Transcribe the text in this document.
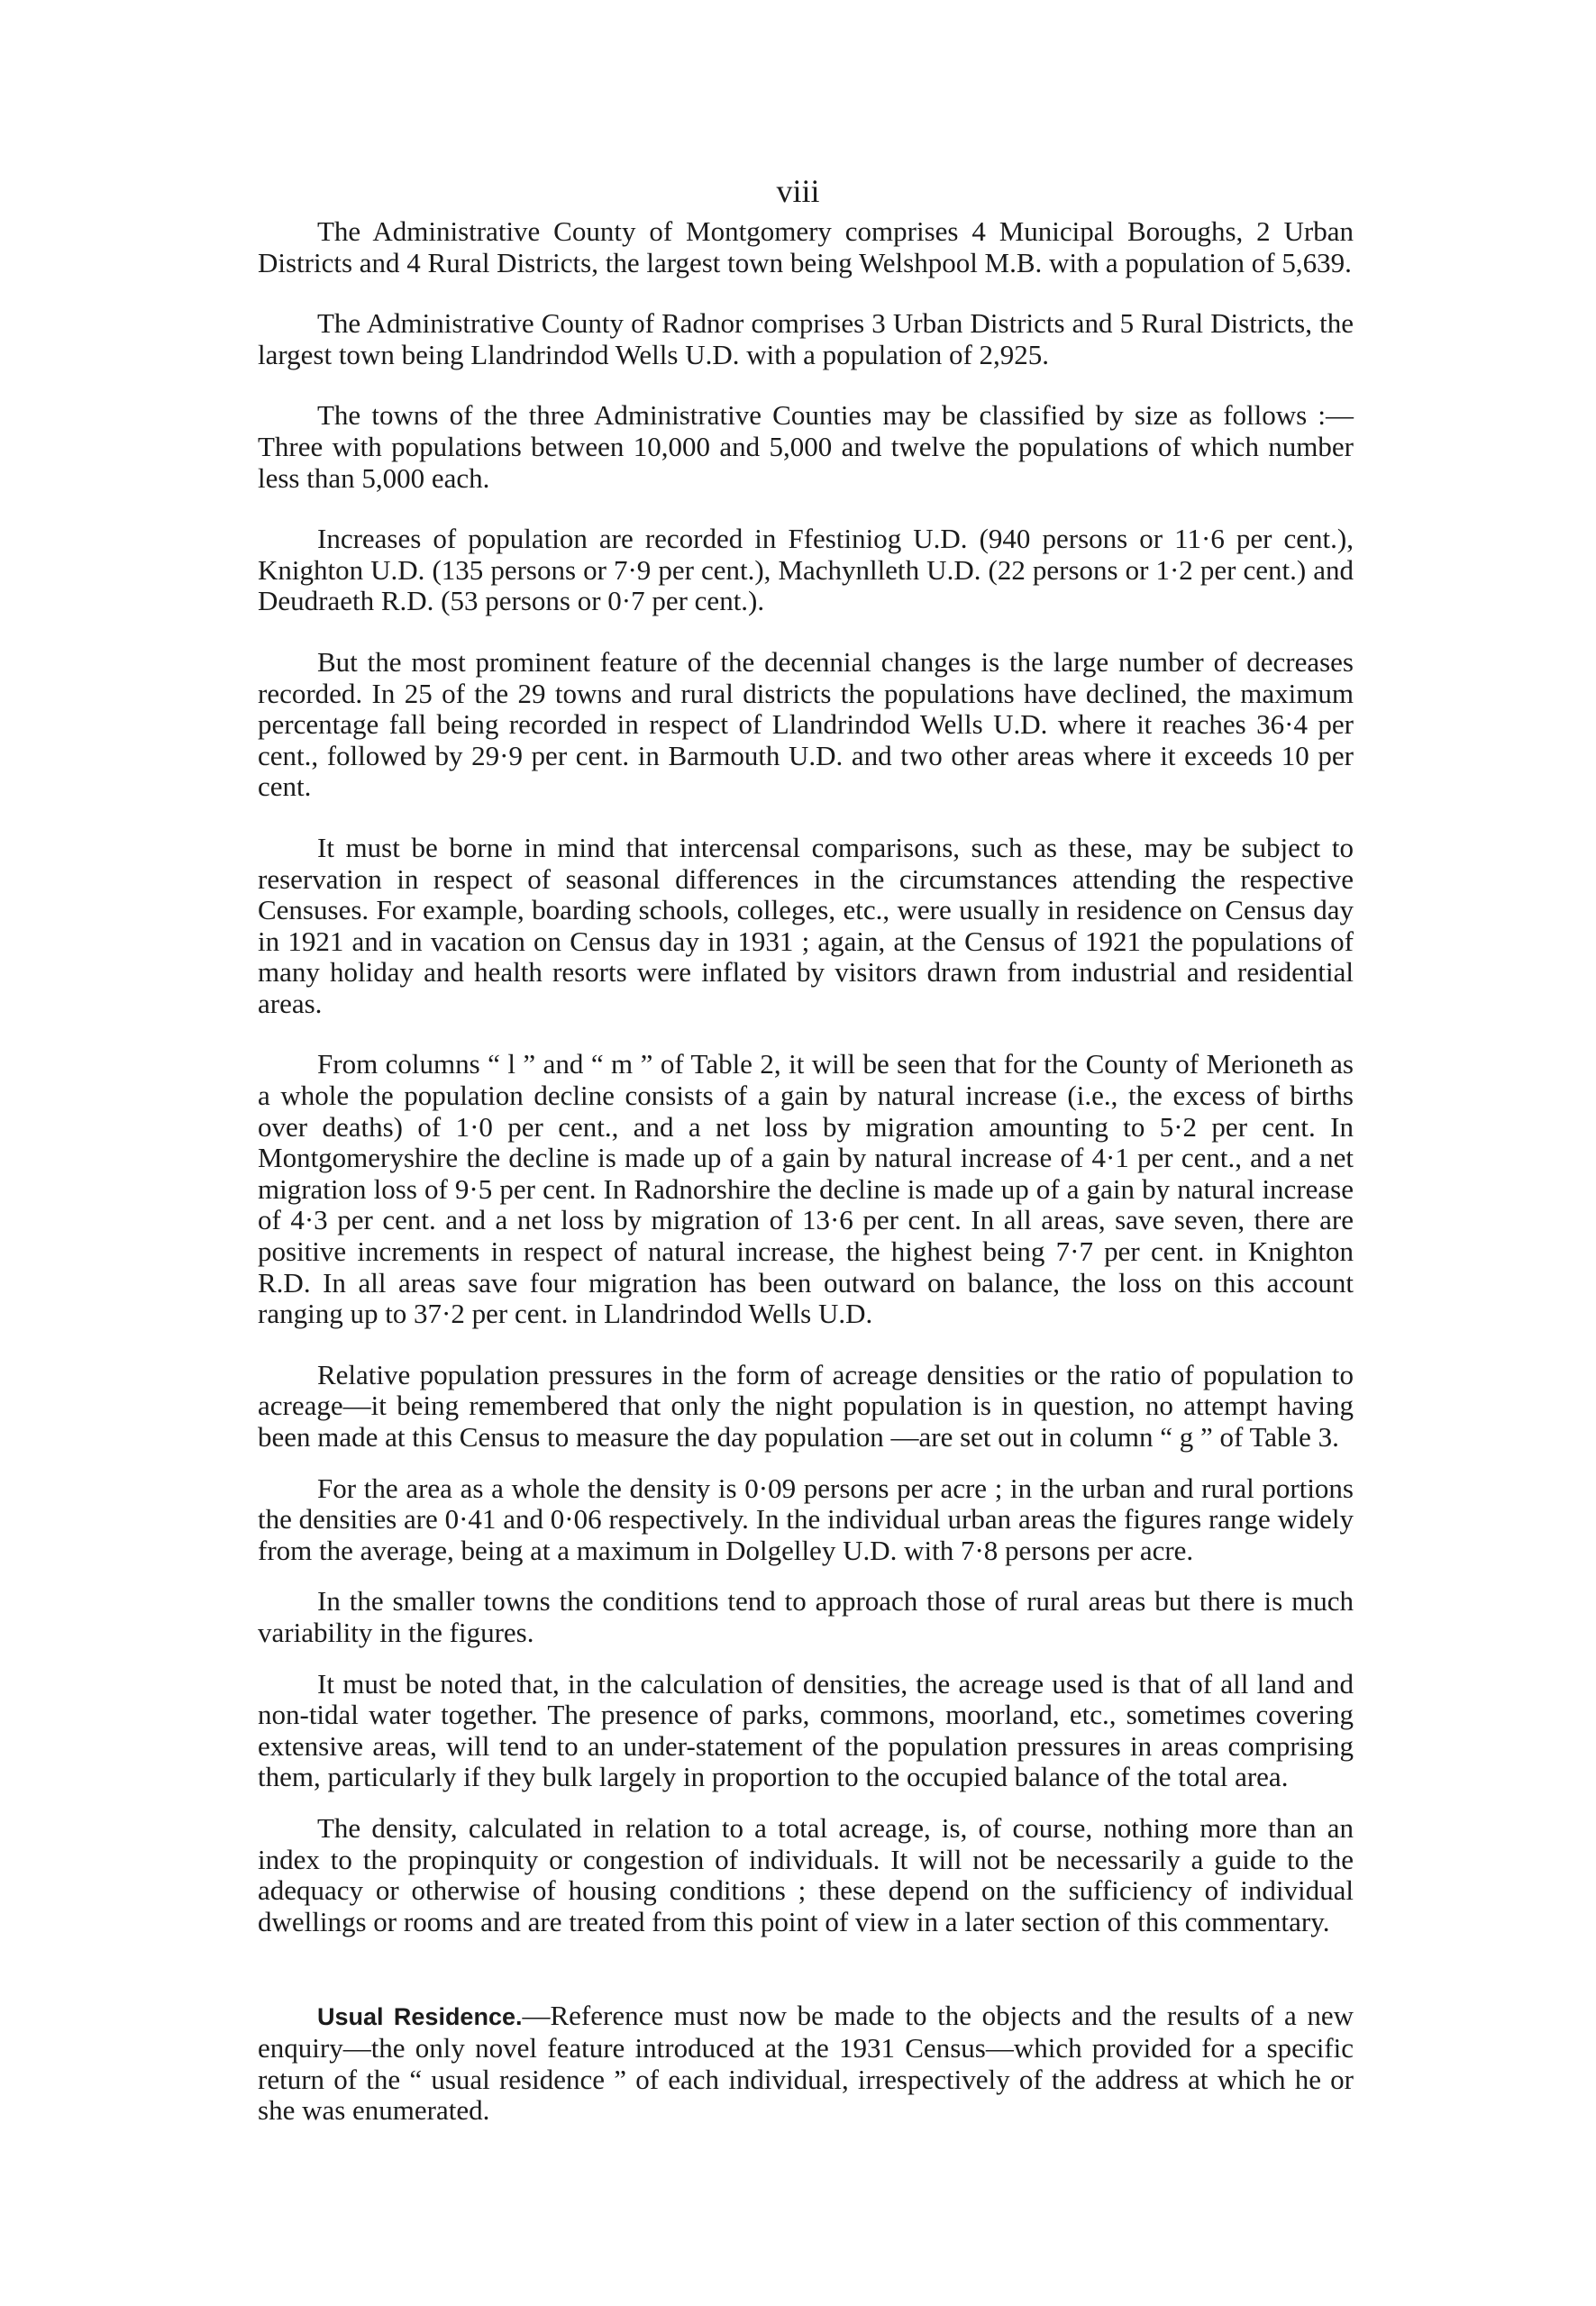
viii

The Administrative County of Montgomery comprises 4 Municipal Boroughs, 2 Urban Districts and 4 Rural Districts, the largest town being Welshpool M.B. with a population of 5,639.

The Administrative County of Radnor comprises 3 Urban Districts and 5 Rural Districts, the largest town being Llandrindod Wells U.D. with a population of 2,925.

The towns of the three Administrative Counties may be classified by size as follows :—Three with populations between 10,000 and 5,000 and twelve the populations of which number less than 5,000 each.

Increases of population are recorded in Ffestiniog U.D. (940 persons or 11·6 per cent.), Knighton U.D. (135 persons or 7·9 per cent.), Machynlleth U.D. (22 persons or 1·2 per cent.) and Deudraeth R.D. (53 persons or 0·7 per cent.).

But the most prominent feature of the decennial changes is the large number of decreases recorded. In 25 of the 29 towns and rural districts the populations have declined, the maximum percentage fall being recorded in respect of Llandrindod Wells U.D. where it reaches 36·4 per cent., followed by 29·9 per cent. in Barmouth U.D. and two other areas where it exceeds 10 per cent.

It must be borne in mind that intercensal comparisons, such as these, may be subject to reservation in respect of seasonal differences in the circumstances attending the respective Censuses. For example, boarding schools, colleges, etc., were usually in residence on Census day in 1921 and in vacation on Census day in 1931 ; again, at the Census of 1921 the populations of many holiday and health resorts were inflated by visitors drawn from industrial and residential areas.

From columns “ l ” and “ m ” of Table 2, it will be seen that for the County of Merioneth as a whole the population decline consists of a gain by natural increase (i.e., the excess of births over deaths) of 1·0 per cent., and a net loss by migration amounting to 5·2 per cent. In Montgomeryshire the decline is made up of a gain by natural increase of 4·1 per cent., and a net migration loss of 9·5 per cent. In Radnorshire the decline is made up of a gain by natural increase of 4·3 per cent. and a net loss by migration of 13·6 per cent. In all areas, save seven, there are positive increments in respect of natural increase, the highest being 7·7 per cent. in Knighton R.D. In all areas save four migration has been outward on balance, the loss on this account ranging up to 37·2 per cent. in Llandrindod Wells U.D.

Relative population pressures in the form of acreage densities or the ratio of population to acreage—it being remembered that only the night population is in question, no attempt having been made at this Census to measure the day population —are set out in column “ g ” of Table 3.

For the area as a whole the density is 0·09 persons per acre ; in the urban and rural portions the densities are 0·41 and 0·06 respectively. In the individual urban areas the figures range widely from the average, being at a maximum in Dolgelley U.D. with 7·8 persons per acre.

In the smaller towns the conditions tend to approach those of rural areas but there is much variability in the figures.

It must be noted that, in the calculation of densities, the acreage used is that of all land and non-tidal water together. The presence of parks, commons, moorland, etc., sometimes covering extensive areas, will tend to an under-statement of the population pressures in areas comprising them, particularly if they bulk largely in proportion to the occupied balance of the total area.

The density, calculated in relation to a total acreage, is, of course, nothing more than an index to the propinquity or congestion of individuals. It will not be necessarily a guide to the adequacy or otherwise of housing conditions ; these depend on the sufficiency of individual dwellings or rooms and are treated from this point of view in a later section of this commentary.

Usual Residence.—Reference must now be made to the objects and the results of a new enquiry—the only novel feature introduced at the 1931 Census—which provided for a specific return of the “ usual residence ” of each individual, irrespectively of the address at which he or she was enumerated.
